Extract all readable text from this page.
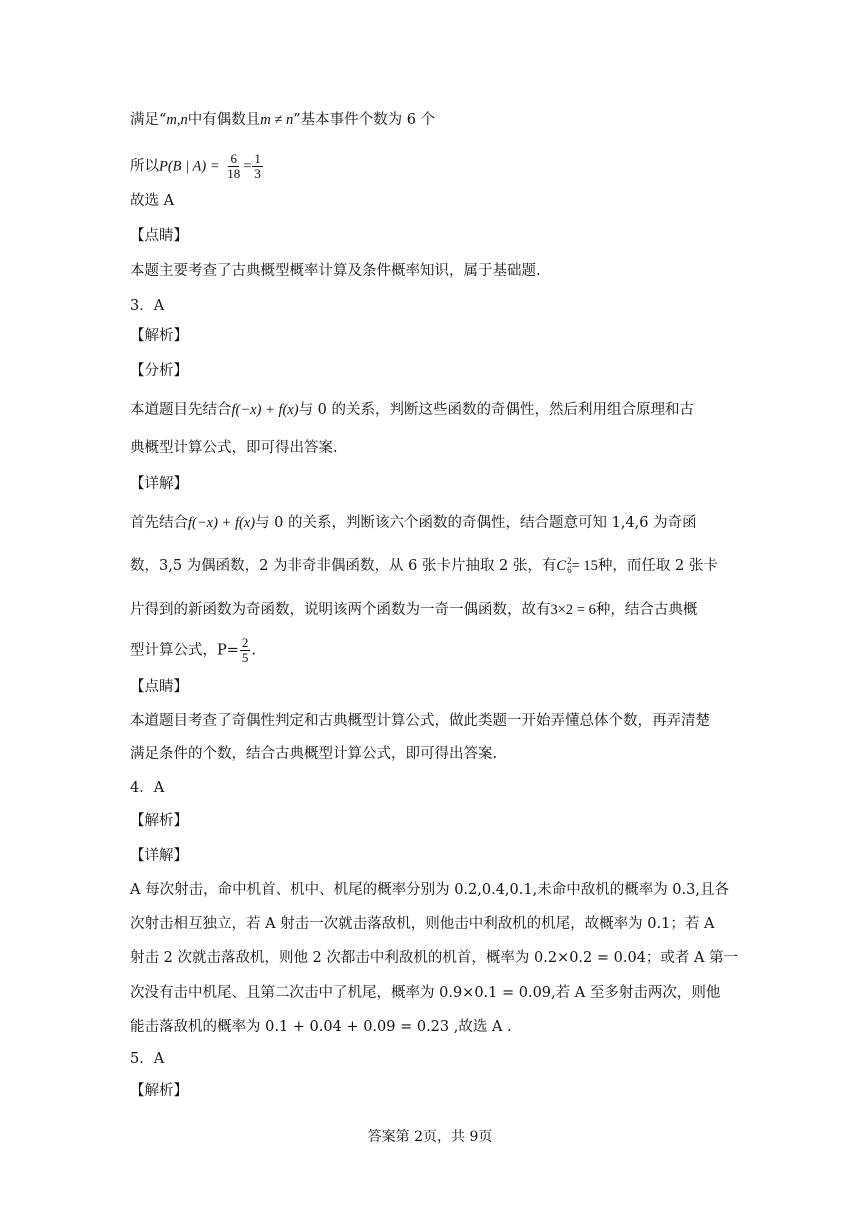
满足“m,n中有偶数且m ≠ n”基本事件个数为 6 个
所以P(B | $A) = \frac{6}{18} = \frac{1}{3}$
故选 A
【点睛】
本题主要考查了古典概型概率计算及条件概率知识，属于基础题.
3．A
【解析】
【分析】
本道题目先结合f(−x) + f(x)与 0 的关系，判断这些函数的奇偶性，然后利用组合原理和古
典概型计算公式，即可得出答案.
【详解】
首先结合f(−x) + f(x)与 0 的关系，判断该六个函数的奇偶性，结合题意可知 1,4,6 为奇函
数，3,5 为偶函数，2 为非奇非偶函数，从 6 张卡片抽取 2 张，有 C 2
6 = 15种，而任取 2 张卡
片得到的新函数为奇函数，说明该两个函数为一奇一偶函数，故有3×2 = 6种，结合古典概
型计算公式，$P= \frac{2}{5}$ .
【点睛】
本道题目考查了奇偶性判定和古典概型计算公式，做此类题一开始弄懂总体个数，再弄清楚
满足条件的个数，结合古典概型计算公式，即可得出答案.
4．A
【解析】
【详解】
A 每次射击，命中机首、机中、机尾的概率分别为 0.2,0.4,0.1,未命中敌机的概率为 0.3,且各
次射击相互独立，若 A 射击一次就击落敌机，则他击中利敌机的机尾，故概率为 0.1；若 A
射击 2 次就击落敌机，则他 2 次都击中利敌机的机首，概率为 0.2×0.2 = 0.04；或者 A 第一
次没有击中机尾、且第二次击中了机尾，概率为 0.9×0.1 = 0.09,若 A 至多射击两次，则他
能击落敌机的概率为 0.1 + 0.04 + 0.09 = 0.23 ,故选 A .
5．A
【解析】
答案第 2页，共 9页
